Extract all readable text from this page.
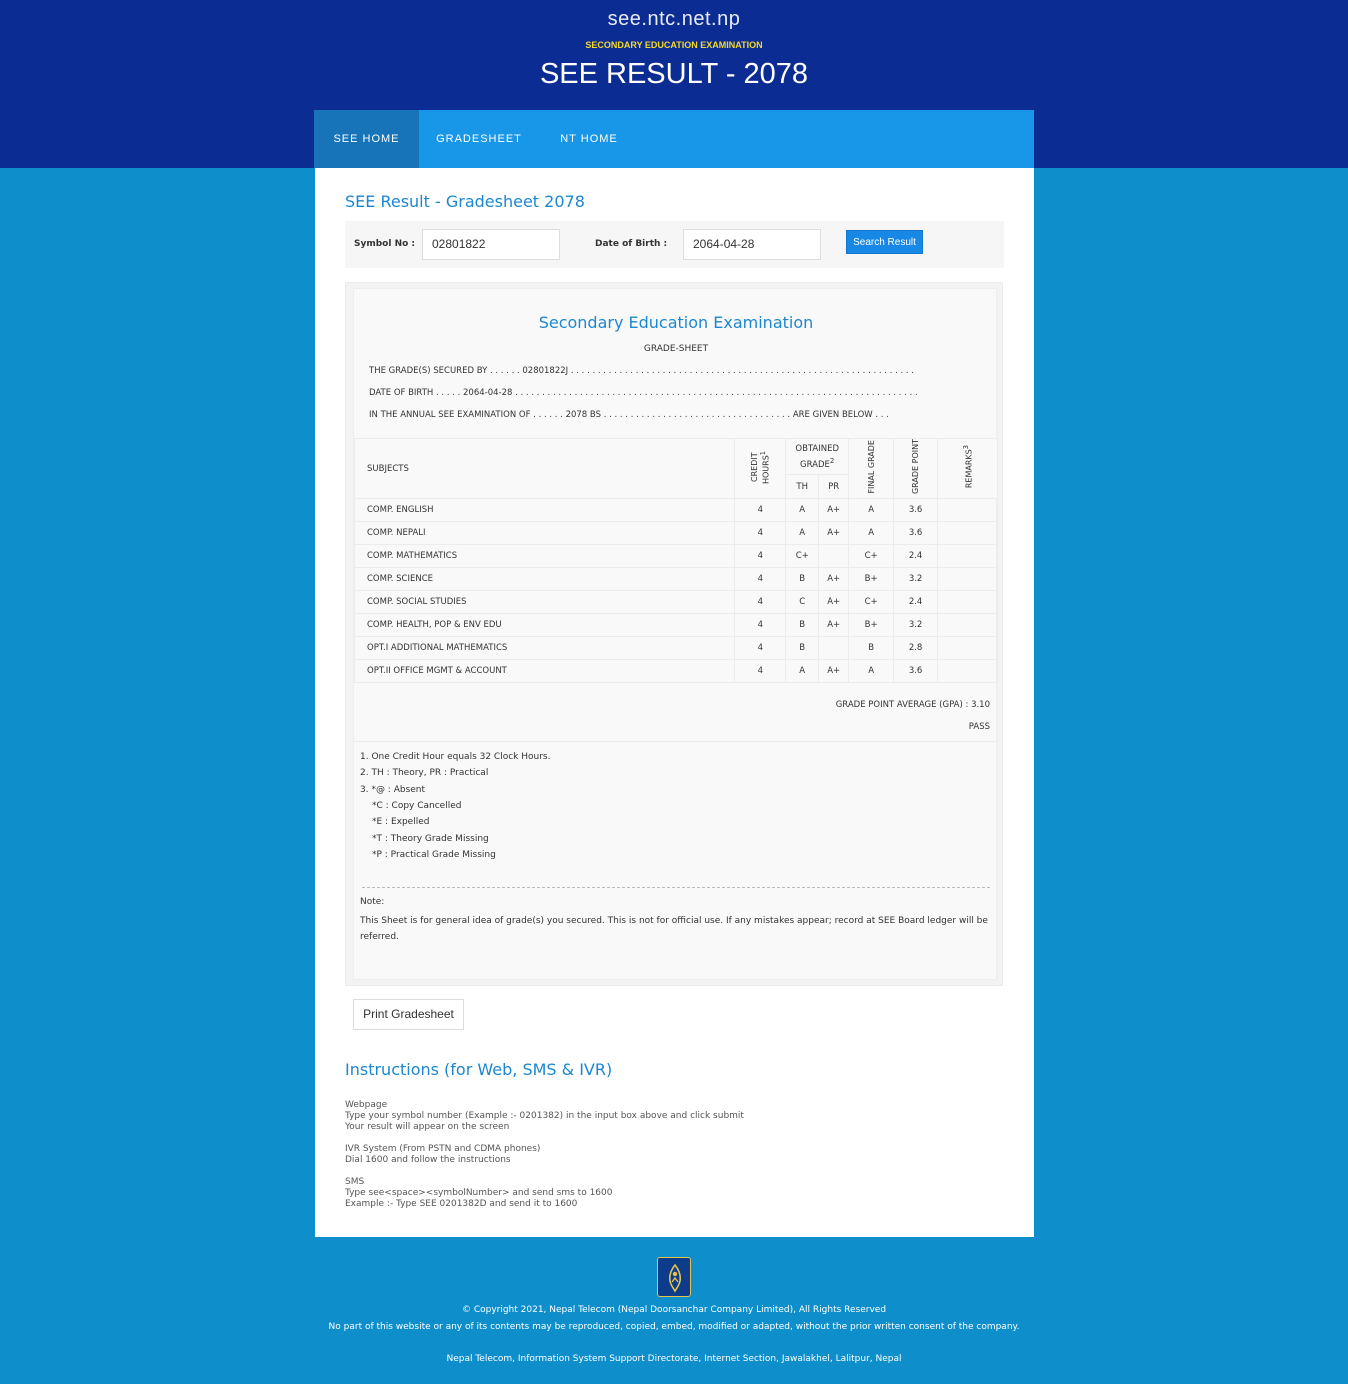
see.ntc.net.np
SECONDARY EDUCATION EXAMINATION
SEE RESULT - 2078
SEE HOME	GRADESHEET	NT HOME
SEE Result - Gradesheet 2078
Symbol No :	02801822	Date of Birth :	2064-04-28	Search Result
Secondary Education Examination
GRADE-SHEET
THE GRADE(S) SECURED BY . . . . . . 02801822J . . . . . . . . . . . . . . . . . . . . . . . . . . . . . . . . . . . . . . . . . . . . . . . . . . . . . . . . . . . . . . . .
DATE OF BIRTH . . . . . 2064-04-28 . . . . . . . . . . . . . . . . . . . . . . . . . . . . . . . . . . . . . . . . . . . . . . . . . . . . . . . . . . . . . . . . . . . . . . . . . . .
IN THE ANNUAL SEE EXAMINATION OF . . . . . . 2078 BS . . . . . . . . . . . . . . . . . . . . . . . . . . . . . . . . . . . ARE GIVEN BELOW . . .
SUBJECTS	CREDIT HOURS$^1$	OBTAINED GRADE$^2$		FINAL GRADE	GRADE POINT	REMARKS$^3$
		TH	PR			
COMP. ENGLISH	4	A	A+	A	3.6	
COMP. NEPALI	4	A	A+	A	3.6	
COMP. MATHEMATICS	4	C+		C+	2.4	
COMP. SCIENCE	4	B	A+	B+	3.2	
COMP. SOCIAL STUDIES	4	C	A+	C+	2.4	
COMP. HEALTH, POP & ENV EDU	4	B	A+	B+	3.2	
OPT.I ADDITIONAL MATHEMATICS	4	B		B	2.8	
OPT.II OFFICE MGMT & ACCOUNT	4	A	A+	A	3.6	
GRADE POINT AVERAGE (GPA) : 3.10
PASS
1. One Credit Hour equals 32 Clock Hours.
2. TH : Theory, PR : Practical
3. *@ : Absent
*C : Copy Cancelled
*E : Expelled
*T : Theory Grade Missing
*P : Practical Grade Missing
Note:
This Sheet is for general idea of grade(s) you secured. This is not for official use. If any mistakes appear; record at SEE Board ledger will be referred.
Print Gradesheet
Instructions (for Web, SMS & IVR)
Webpage
Type your symbol number (Example :- 0201382) in the input box above and click submit
Your result will appear on the screen
IVR System (From PSTN and CDMA phones)
Dial 1600 and follow the instructions
SMS
Type see<space><symbolNumber> and send sms to 1600
Example :- Type SEE 0201382D and send it to 1600
© Copyright 2021, Nepal Telecom (Nepal Doorsanchar Company Limited), All Rights Reserved
No part of this website or any of its contents may be reproduced, copied, embed, modified or adapted, without the prior written consent of the company.
Nepal Telecom, Information System Support Directorate, Internet Section, Jawalakhel, Lalitpur, Nepal
